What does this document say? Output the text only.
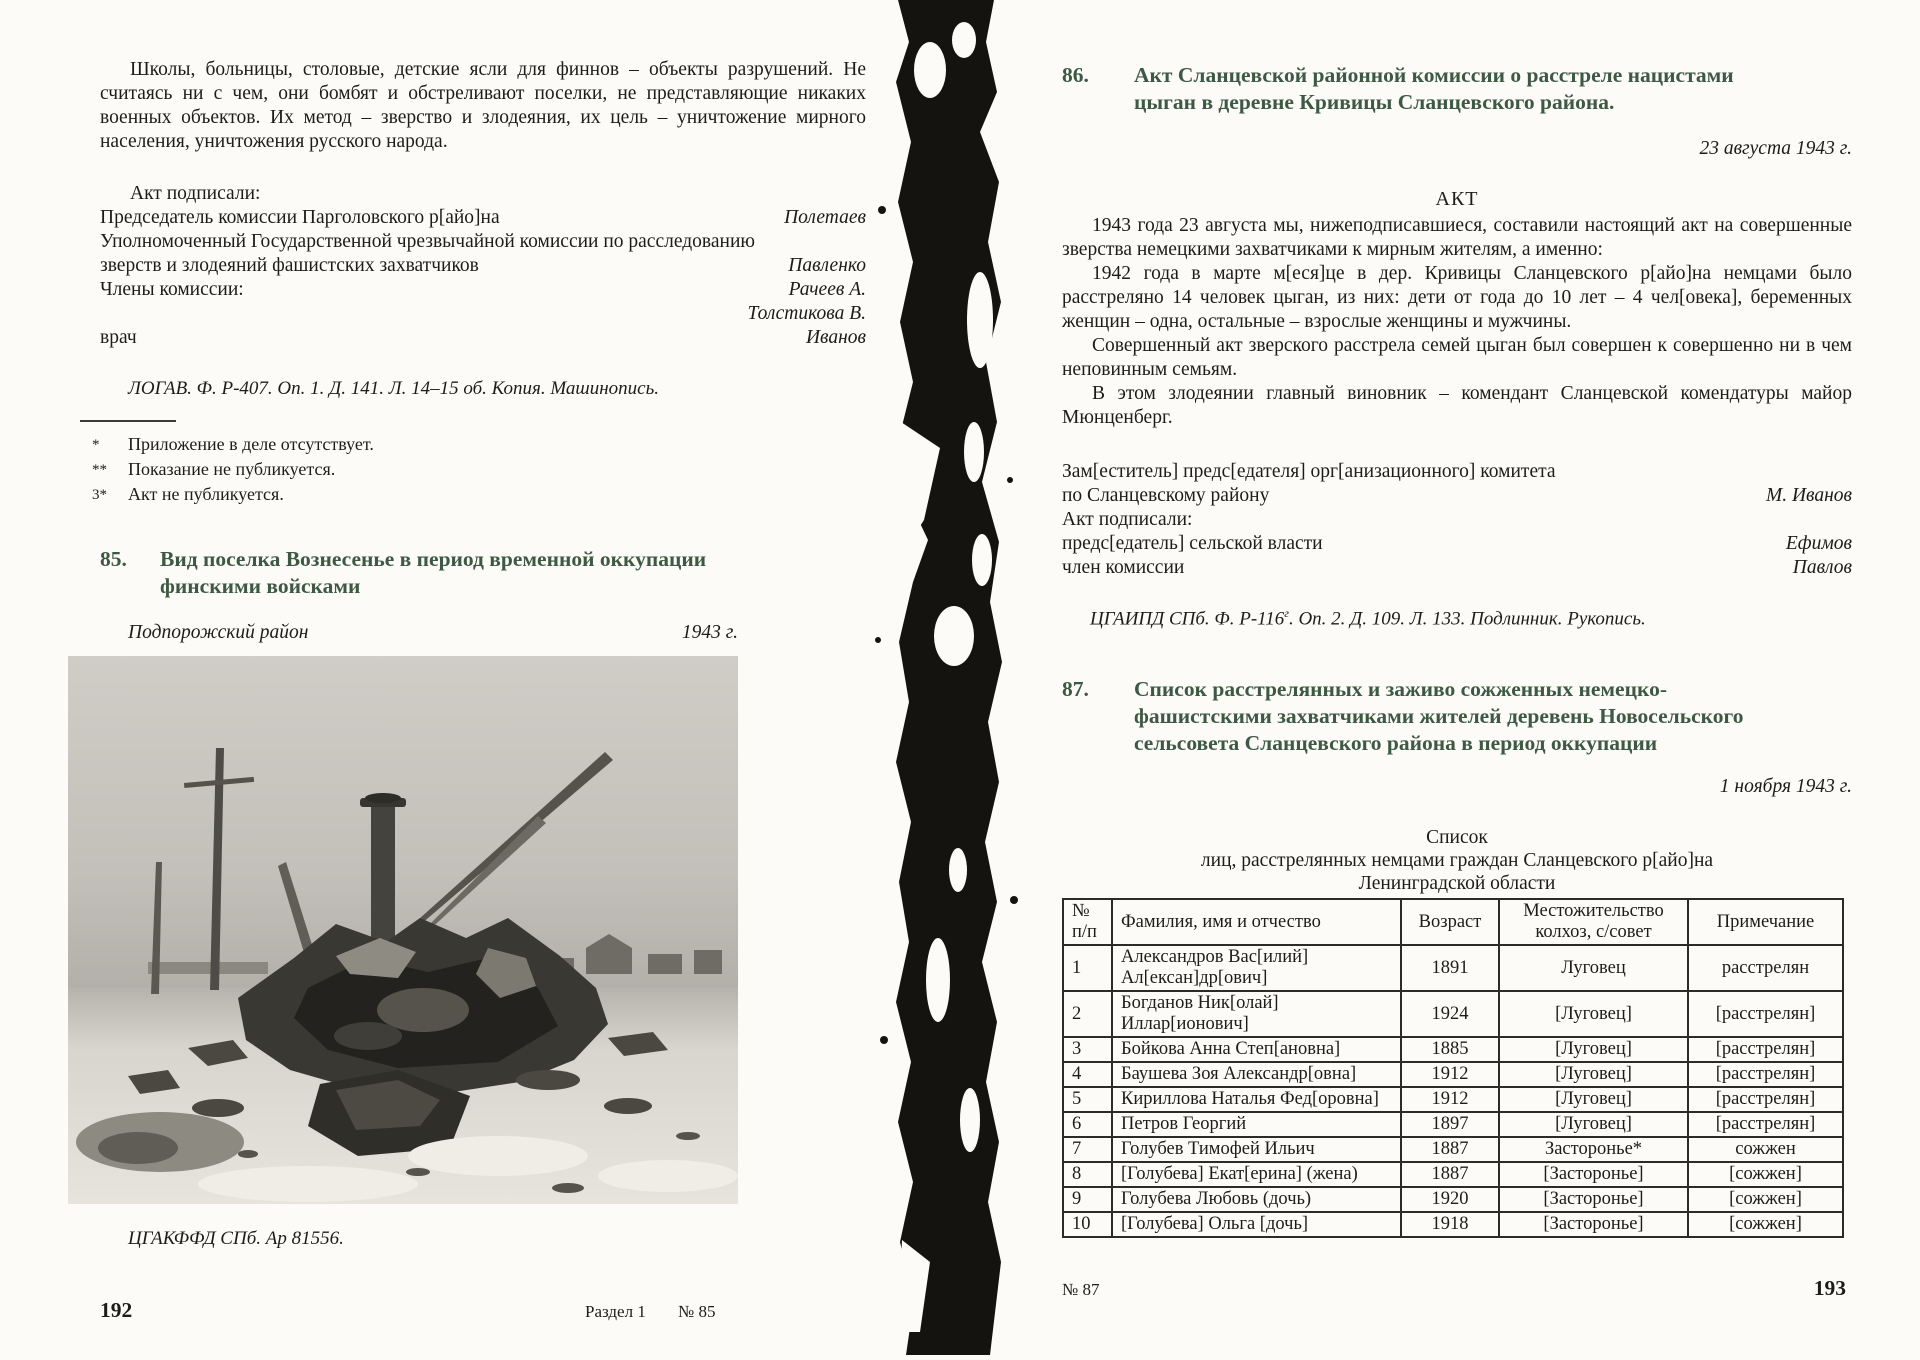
Школы, больницы, столовые, детские ясли для финнов – объекты разрушений. Не считаясь ни с чем, они бомбят и обстреливают поселки, не представляющие никаких военных объектов. Их метод – зверство и злодеяния, их цель – уничтожение мирного населения, уничтожения русского народа.

Акт подписали:
Председатель комиссии Парголовского р[айо]на	Полетаев
Уполномоченный Государственной чрезвычайной комиссии по расследованию
зверств и злодеяний фашистских захватчиков	Павленко
Члены комиссии:	Рачеев А.
Толстикова В.
врач	Иванов
ЛОГАВ. Ф. Р-407. Оп. 1. Д. 141. Л. 14–15 об. Копия. Машинопись.
* Приложение в деле отсутствует.
** Показание не публикуется.
3* Акт не публикуется.
85.	Вид поселка Вознесенье в период временной оккупации финскими войсками
Подпорожский район	1943 г.
ЦГАКФФД СПб. Ар 81556.
192	Раздел 1 № 85
86.	Акт Сланцевской районной комиссии о расстреле нацистами цыган в деревне Кривицы Сланцевского района.
23 августа 1943 г.
АКТ

1943 года 23 августа мы, нижеподписавшиеся, составили настоящий акт на совершенные зверства немецкими захватчиками к мирным жителям, а именно:

1942 года в марте м[еся]це в дер. Кривицы Сланцевского р[айо]на немцами было расстреляно 14 человек цыган, из них: дети от года до 10 лет – 4 чел[овека], беременных женщин – одна, остальные – взрослые женщины и мужчины.

Совершенный акт зверского расстрела семей цыган был совершен к совершенно ни в чем неповинным семьям.

В этом злодеянии главный виновник – комендант Сланцевской комендатуры майор Мюнценберг.

Зам[еститель] предс[едателя] орг[анизационного] комитета
по Сланцевскому району	М. Иванов
Акт подписали:
предс[едатель] сельской власти	Ефимов
член комиссии	Павлов
ЦГАИПД СПб. Ф. $Р-116^г$. Оп. 2. Д. 109. Л. 133. Подлинник. Рукопись.
87.	Список расстрелянных и заживо сожженных немецко-фашистскими захватчиками жителей деревень Новосельского сельсовета Сланцевского района в период оккупации
1 ноября 1943 г.
Список
лиц, расстрелянных немцами граждан Сланцевского р[айо]на
Ленинградской области
№ п/п	Фамилия, имя и отчество	Возраст	Местожительство колхоз, с/совет	Примечание
1	Александров Вас[илий] Ал[ексан]др[ович]	1891	Луговец	расстрелян
2	Богданов Ник[олай] Иллар[ионович]	1924	[Луговец]	[расстрелян]
3	Бойкова Анна Степ[ановна]	1885	[Луговец]	[расстрелян]
4	Баушева Зоя Александр[овна]	1912	[Луговец]	[расстрелян]
5	Кириллова Наталья Фед[оровна]	1912	[Луговец]	[расстрелян]
6	Петров Георгий	1897	[Луговец]	[расстрелян]
7	Голубев Тимофей Ильич	1887	Засторонье*	сожжен
8	[Голубева] Екат[ерина] (жена)	1887	[Засторонье]	[сожжен]
9	Голубева Любовь (дочь)	1920	[Засторонье]	[сожжен]
10	[Голубева] Ольга [дочь]	1918	[Засторонье]	[сожжен]
№ 87	193
